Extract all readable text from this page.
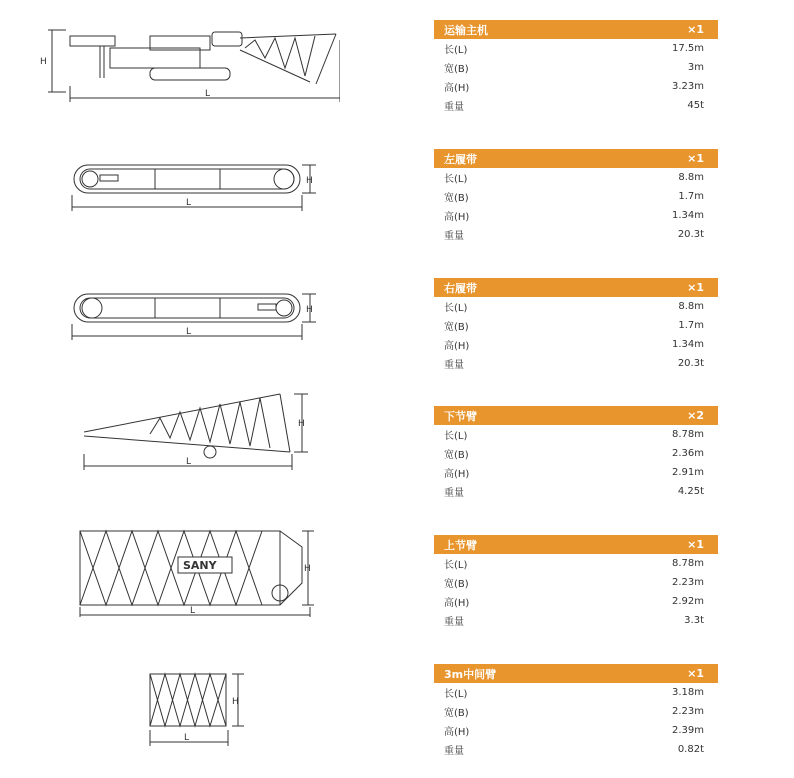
H
L
运输主机	×1
长(L)	17.5m
宽(B)	3m
高(H)	3.23m
重量	45t
H
L
左履带	×1
长(L)	8.8m
宽(B)	1.7m
高(H)	1.34m
重量	20.3t
H
L
右履带	×1
长(L)	8.8m
宽(B)	1.7m
高(H)	1.34m
重量	20.3t
H
L
下节臂	×2
长(L)	8.78m
宽(B)	2.36m
高(H)	2.91m
重量	4.25t
SANY	H
L
上节臂	×1
长(L)	8.78m
宽(B)	2.23m
高(H)	2.92m
重量	3.3t
H
L
3m中间臂	×1
长(L)	3.18m
宽(B)	2.23m
高(H)	2.39m
重量	0.82t
